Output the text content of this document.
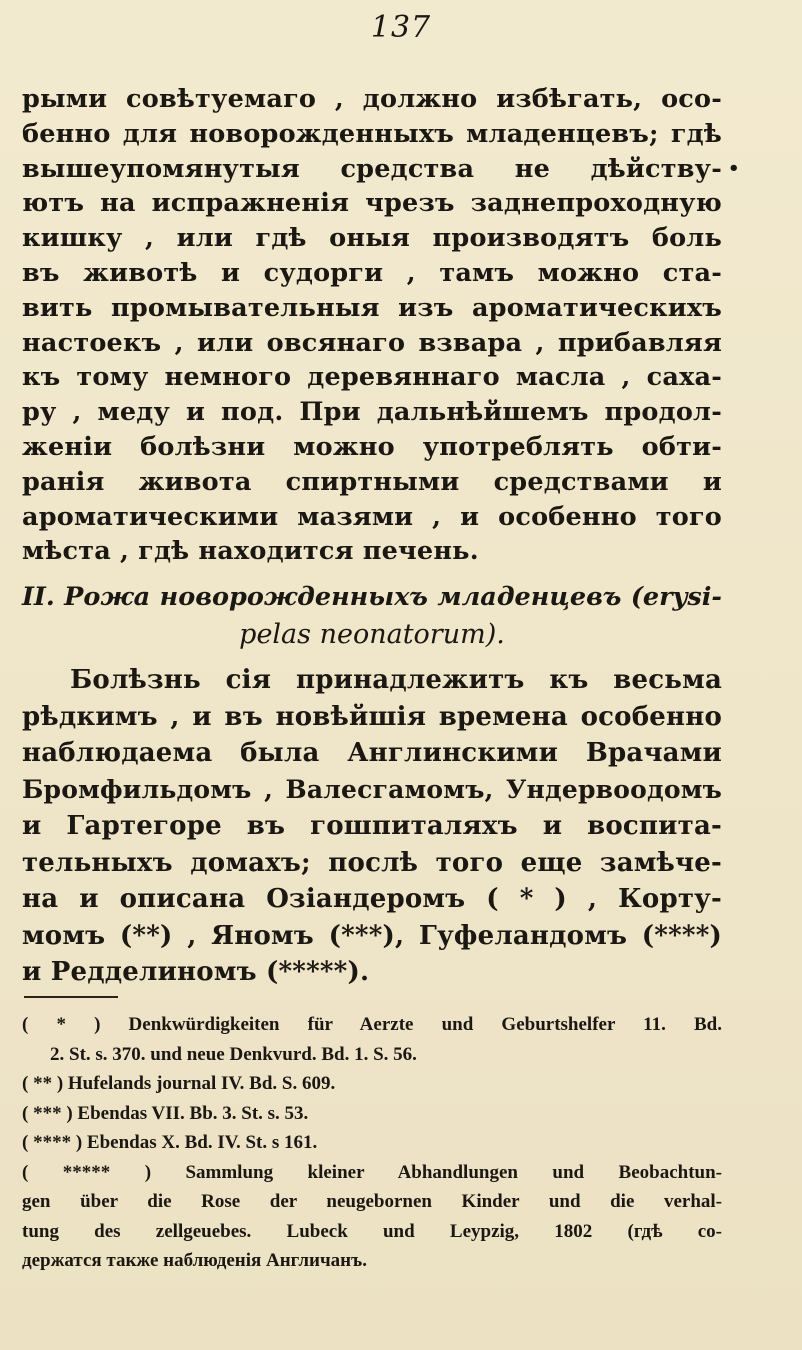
137
•
рыми совѣтуемаго , должно избѣгать, осо-
бенно для новорожденныхъ младенцевъ; гдѣ
вышеупомянутыя средства не дѣйству-
ютъ на испражненія чрезъ заднепроходную
кишку , или гдѣ оныя производятъ боль
въ животѣ и судорги , тамъ можно ста-
вить промывательныя изъ ароматическихъ
настоекъ , или овсянаго взвара , прибавляя
къ тому немного деревяннаго масла , саха-
ру , меду и под. При дальнѣйшемъ продол-
женіи болѣзни можно употреблять обти-
ранія живота спиртными средствами и
ароматическими мазями , и особенно того
мѣста , гдѣ находится печень.
II. Рожа новорожденныхъ младенцевъ (erysi-
pelas neonatorum).
Болѣзнь сія принадлежитъ къ весьма
рѣдкимъ , и въ новѣйшія времена особенно
наблюдаема была Англинскими Врачами
Бромфильдомъ , Валесгамомъ, Ундервоодомъ
и Гартегоре въ гошпиталяхъ и воспита-
тельныхъ домахъ; послѣ того еще замѣче-
на и описана Озіандеромъ ( * ) , Корту-
момъ (**) , Яномъ (***), Гуфеландомъ (****)
и Редделиномъ (*****).
( * ) Denkwürdigkeiten für Aerzte und Geburtshelfer 11. Bd.
2. St. s. 370. und neue Denkvurd. Bd. 1. S. 56.
( ** ) Hufelands journal IV. Bd. S. 609.
( *** ) Ebendas VII. Bb. 3. St. s. 53.
( **** ) Ebendas X. Bd. IV. St. s 161.
( ***** ) Sammlung kleiner Abhandlungen und Beobachtun-
gen über die Rose der neugebornen Kinder und die verhal-
tung des zellgeuebes. Lubeck und Leypzig, 1802 (гдѣ со-
держатся также наблюденія Англичанъ.
